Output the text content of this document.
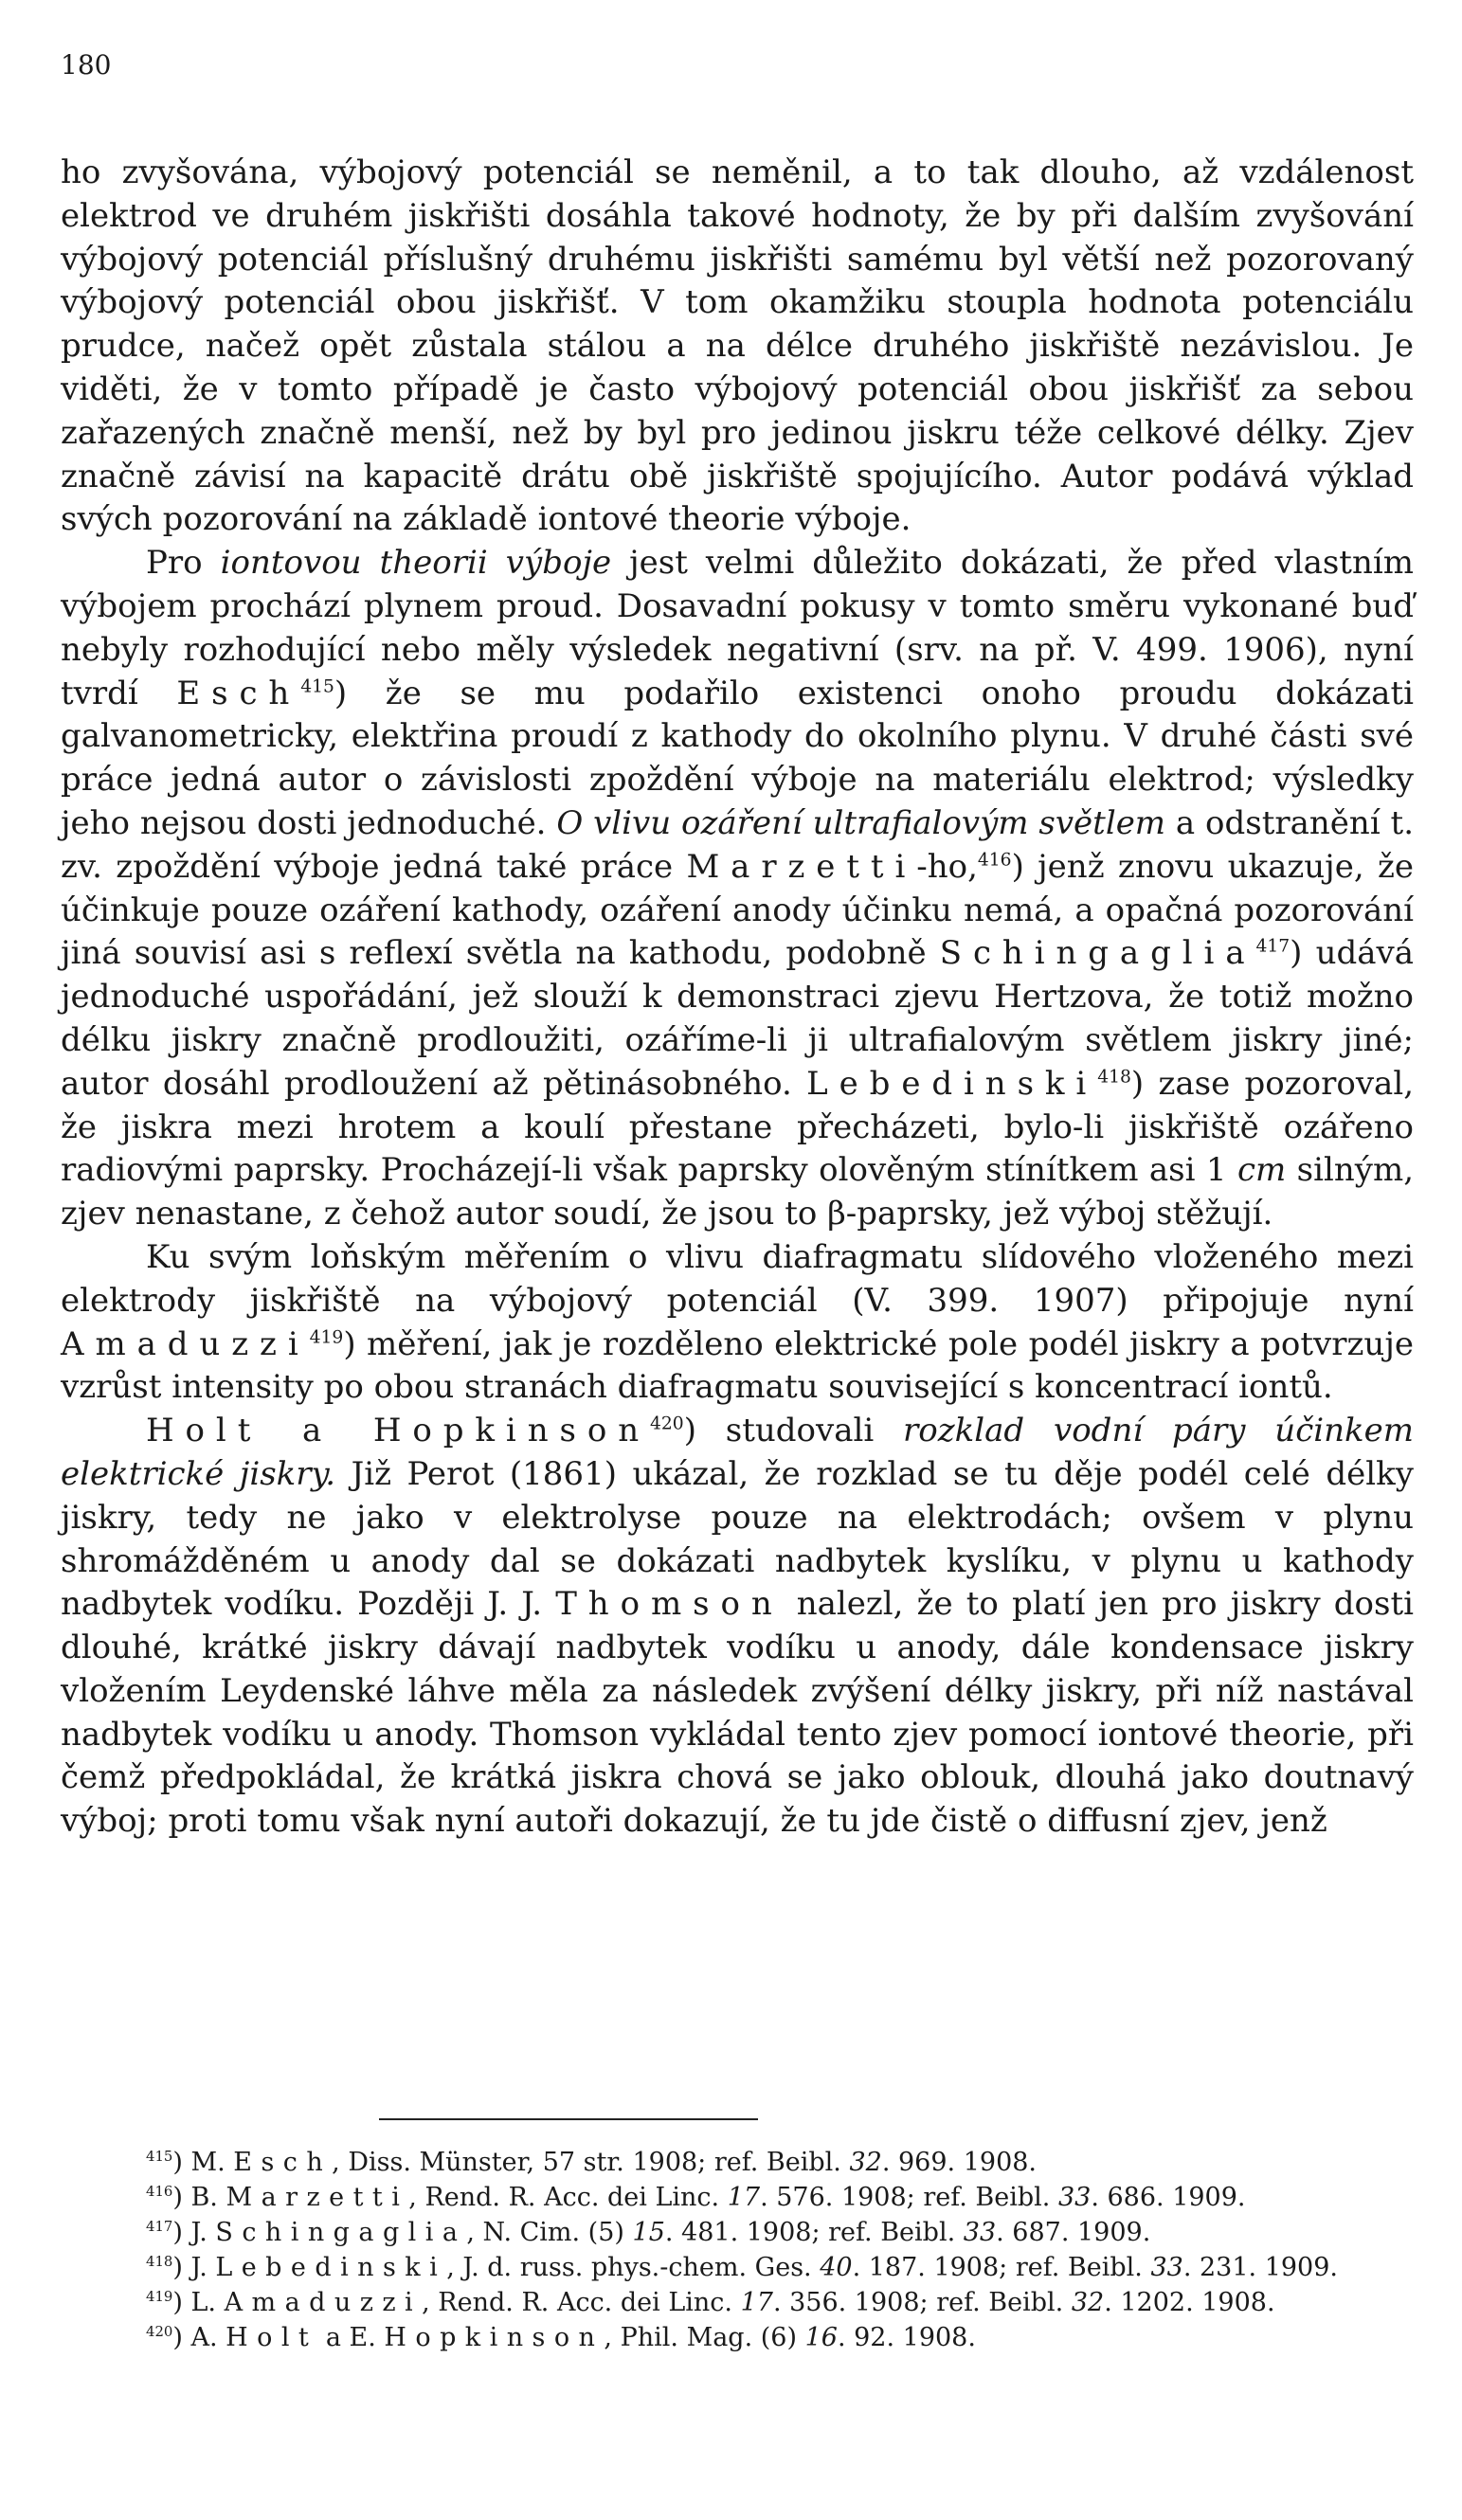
180

ho zvyšována, výbojový potenciál se neměnil, a to tak dlouho, až vzdálenost elektrod ve druhém jiskřišti dosáhla takové hodnoty, že by při dalším zvyšování výbojový potenciál příslušný druhému jiskřišti samému byl větší než pozorovaný výbojový potenciál obou jiskřišť. V tom okamžiku stoupla hodnota potenciálu prudce, načež opět zůstala stálou a na délce druhého jiskřiště nezávislou. Je viděti, že v tomto případě je často výbojový potenciál obou jiskřišť za sebou zařazených značně menší, než by byl pro jedinou jiskru téže celkové délky. Zjev značně závisí na kapacitě drátu obě jiskřiště spojujícího. Autor podává výklad svých pozorování na základě iontové theorie výboje.

Pro iontovou theorii výboje jest velmi důležito dokázati, že před vlastním výbojem prochází plynem proud. Dosavadní pokusy v tomto směru vykonané buď nebyly rozhodující nebo měly výsledek negativní (srv. na př. V. 499. 1906), nyní tvrdí Esch$^{415}$) že se mu podařilo existenci onoho proudu dokázati galvanometricky, elektřina proudí z kathody do okolního plynu. V druhé části své práce jedná autor o závislosti zpoždění výboje na materiálu elektrod; výsledky jeho nejsou dosti jednoduché. O vlivu ozáření ultrafialovým světlem a odstranění t. zv. zpoždění výboje jedná také práce Marzetti-ho,$^{416}$) jenž znovu ukazuje, že účinkuje pouze ozáření kathody, ozáření anody účinku nemá, a opačná pozorování jiná souvisí asi s reflexí světla na kathodu, podobně Schingaglia$^{417}$) udává jednoduché uspořádání, jež slouží k demonstraci zjevu Hertzova, že totiž možno délku jiskry značně prodloužiti, ozáříme-li ji ultrafialovým světlem jiskry jiné; autor dosáhl prodloužení až pětinásobného. Lebedinski$^{418}$) zase pozoroval, že jiskra mezi hrotem a koulí přestane přecházeti, bylo-li jiskřiště ozářeno radiovými paprsky. Procházejí-li však paprsky olověným stínítkem asi 1 cm silným, zjev nenastane, z čehož autor soudí, že jsou to β-paprsky, jež výboj stěžují.

Ku svým loňským měřením o vlivu diafragmatu slídového vloženého mezi elektrody jiskřiště na výbojový potenciál (V. 399. 1907) připojuje nyní Amaduzzi$^{419}$) měření, jak je rozděleno elektrické pole podél jiskry a potvrzuje vzrůst intensity po obou stranách diafragmatu související s koncentrací iontů.

Holt a Hopkinson$^{420}$) studovali rozklad vodní páry účinkem elektrické jiskry. Již Perot (1861) ukázal, že rozklad se tu děje podél celé délky jiskry, tedy ne jako v elektrolyse pouze na elektrodách; ovšem v plynu shromážděném u anody dal se dokázati nadbytek kyslíku, v plynu u kathody nadbytek vodíku. Později J. J. Thomson nalezl, že to platí jen pro jiskry dosti dlouhé, krátké jiskry dávají nadbytek vodíku u anody, dále kondensace jiskry vložením Leydenské láhve měla za následek zvýšení délky jiskry, při níž nastával nadbytek vodíku u anody. Thomson vykládal tento zjev pomocí iontové theorie, při čemž předpokládal, že krátká jiskra chová se jako oblouk, dlouhá jako doutnavý výboj; proti tomu však nyní autoři dokazují, že tu jde čistě o diffusní zjev, jenž

$^{415}$) M. Esch, Diss. Münster, 57 str. 1908; ref. Beibl. 32. 969. 1908.

$^{416}$) B. Marzetti, Rend. R. Acc. dei Linc. 17. 576. 1908; ref. Beibl. 33. 686. 1909.

$^{417}$) J. Schingaglia, N. Cim. (5) 15. 481. 1908; ref. Beibl. 33. 687. 1909.

$^{418}$) J. Lebedinski, J. d. russ. phys.-chem. Ges. 40. 187. 1908; ref. Beibl. 33. 231. 1909.

$^{419}$) L. Amaduzzi, Rend. R. Acc. dei Linc. 17. 356. 1908; ref. Beibl. 32. 1202. 1908.

$^{420}$) A. Holt a E. Hopkinson, Phil. Mag. (6) 16. 92. 1908.
